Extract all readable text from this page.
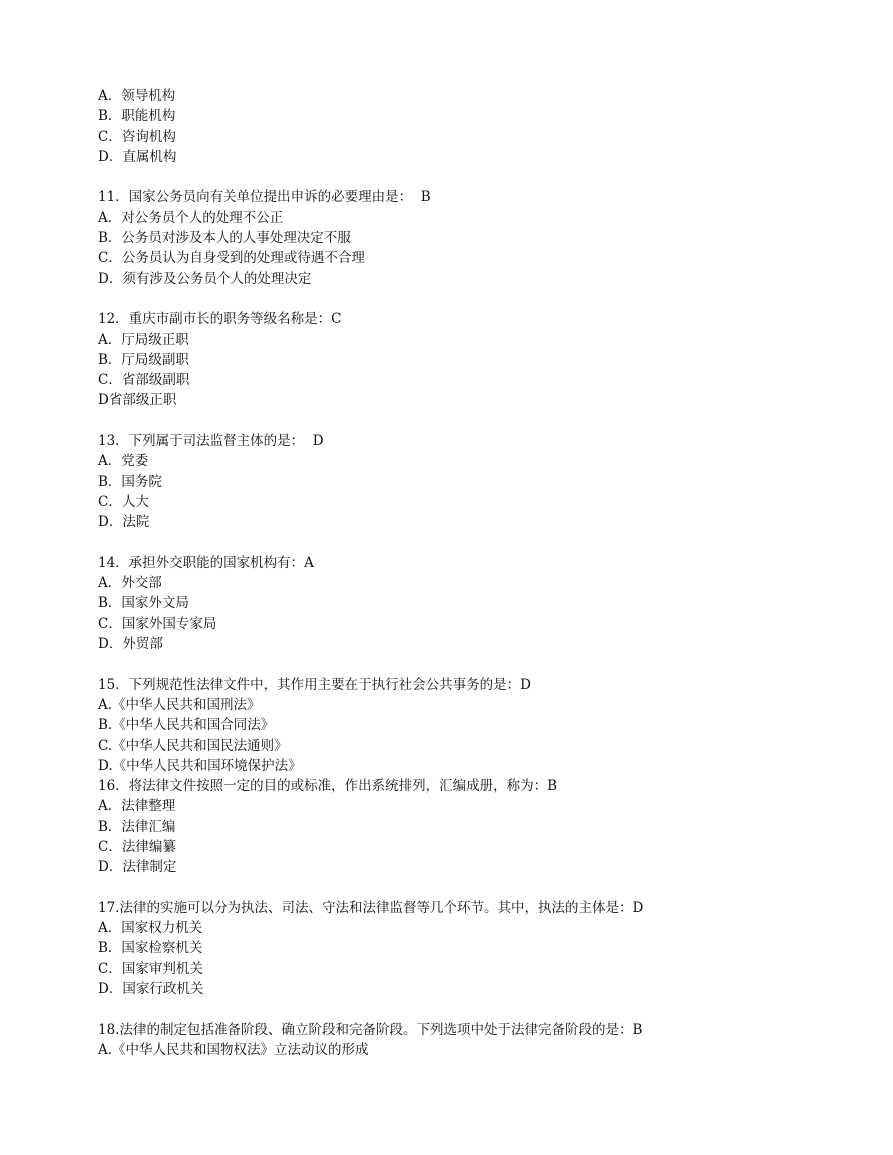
A．领导机构
B．职能机构
C．咨询机构
D．直属机构
11．国家公务员向有关单位提出申诉的必要理由是：  B
A．对公务员个人的处理不公正
B．公务员对涉及本人的人事处理决定不服
C．公务员认为自身受到的处理或待遇不合理
D．须有涉及公务员个人的处理决定
12．重庆市副市长的职务等级名称是：C
A．厅局级正职
B．厅局级副职
C．省部级副职
D省部级正职
13．下列属于司法监督主体的是：  D
A．党委
B．国务院
C．人大
D．法院
14．承担外交职能的国家机构有：A
A．外交部
B．国家外文局
C．国家外国专家局
D．外贸部
15．下列规范性法律文件中，其作用主要在于执行社会公共事务的是：D
A.《中华人民共和国刑法》
B.《中华人民共和国合同法》
C.《中华人民共和国民法通则》
D.《中华人民共和国环境保护法》
16．将法律文件按照一定的目的或标准，作出系统排列，汇编成册，称为：B
A．法律整理
B．法律汇编
C．法律编纂
D．法律制定
17.法律的实施可以分为执法、司法、守法和法律监督等几个环节。其中，执法的主体是：D
A．国家权力机关
B．国家检察机关
C．国家审判机关
D．国家行政机关
18.法律的制定包括准备阶段、确立阶段和完备阶段。下列选项中处于法律完备阶段的是：B
A.《中华人民共和国物权法》立法动议的形成
